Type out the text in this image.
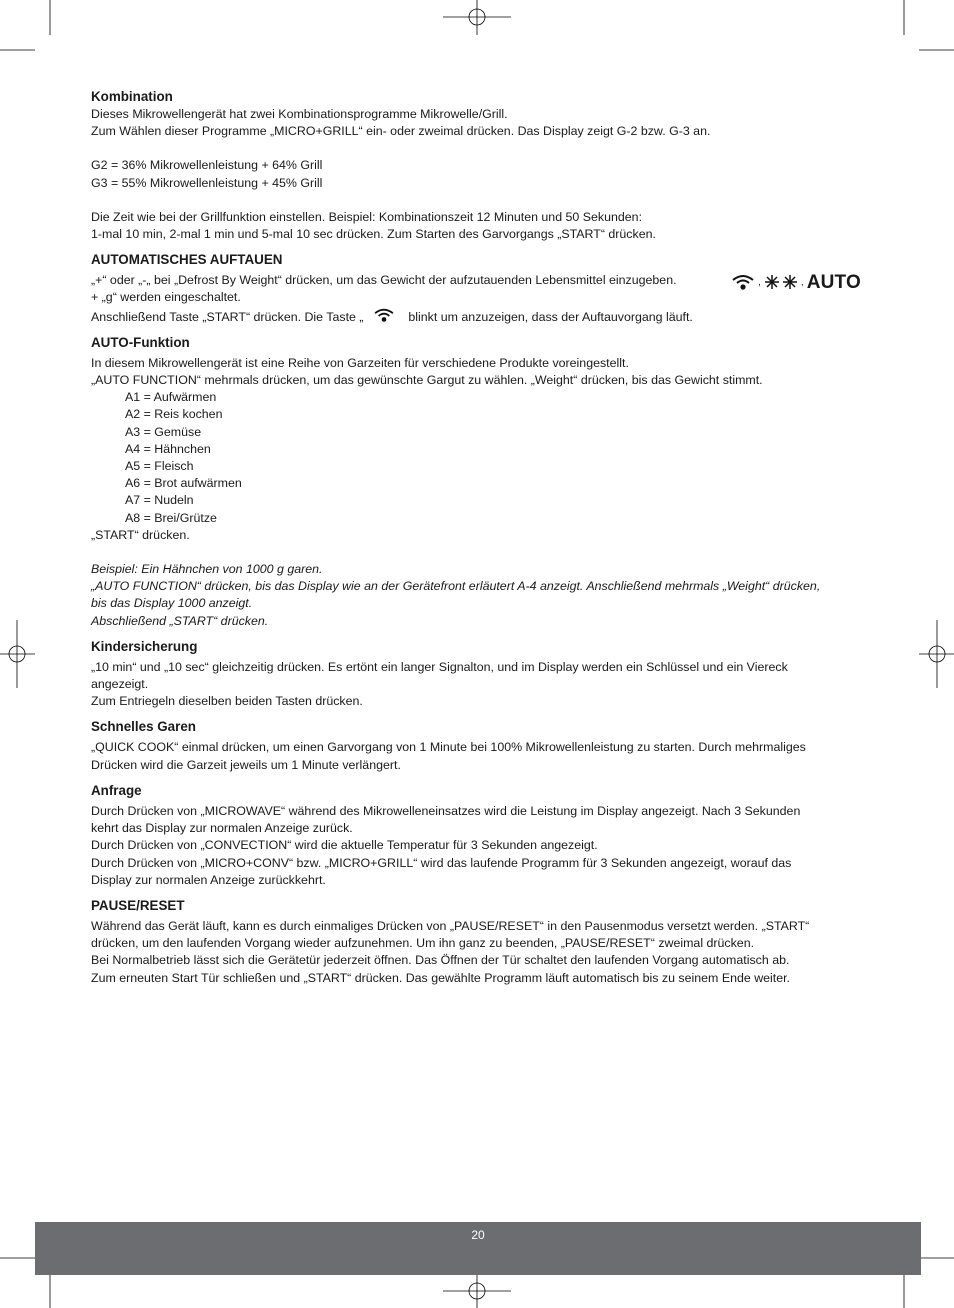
Kombination

Dieses Mikrowellengerät hat zwei Kombinationsprogramme Mikrowelle/Grill.

Zum Wählen dieser Programme „MICRO+GRILL“ ein- oder zweimal drücken. Das Display zeigt G-2 bzw. G-3 an.

G2 = 36% Mikrowellenleistung + 64% Grill

G3 = 55% Mikrowellenleistung + 45% Grill

Die Zeit wie bei der Grillfunktion einstellen. Beispiel: Kombinationszeit 12 Minuten und 50 Sekunden:

1-mal 10 min, 2-mal 1 min und 5-mal 10 sec drücken. Zum Starten des Garvorgangs „START“ drücken.

AUTOMATISCHES AUFTAUEN

„+“ oder „-„ bei „Defrost By Weight“ drücken, um das Gewicht der aufzutauenden Lebensmittel einzugeben.	,	, AUTO

+ „g“ werden eingeschaltet.

Anschließend Taste „START“ drücken. Die Taste „	blinkt um anzuzeigen, dass der Auftauvorgang läuft.

AUTO-Funktion

In diesem Mikrowellengerät ist eine Reihe von Garzeiten für verschiedene Produkte voreingestellt.

„AUTO FUNCTION“ mehrmals drücken, um das gewünschte Gargut zu wählen. „Weight“ drücken, bis das Gewicht stimmt.

A1 = Aufwärmen
A2 = Reis kochen
A3 = Gemüse
A4 = Hähnchen
A5 = Fleisch
A6 = Brot aufwärmen
A7 = Nudeln
A8 = Brei/Grütze

„START“ drücken.

Beispiel: Ein Hähnchen von 1000 g garen.

„AUTO FUNCTION“ drücken, bis das Display wie an der Gerätefront erläutert A-4 anzeigt. Anschließend mehrmals „Weight“ drücken,

bis das Display 1000 anzeigt.

Abschließend „START“ drücken.

Kindersicherung

„10 min“ und „10 sec“ gleichzeitig drücken. Es ertönt ein langer Signalton, und im Display werden ein Schlüssel und ein Viereck

angezeigt.

Zum Entriegeln dieselben beiden Tasten drücken.

Schnelles Garen

„QUICK COOK“ einmal drücken, um einen Garvorgang von 1 Minute bei 100% Mikrowellenleistung zu starten. Durch mehrmaliges

Drücken wird die Garzeit jeweils um 1 Minute verlängert.

Anfrage

Durch Drücken von „MICROWAVE“ während des Mikrowelleneinsatzes wird die Leistung im Display angezeigt. Nach 3 Sekunden

kehrt das Display zur normalen Anzeige zurück.

Durch Drücken von „CONVECTION“ wird die aktuelle Temperatur für 3 Sekunden angezeigt.

Durch Drücken von „MICRO+CONV“ bzw. „MICRO+GRILL“ wird das laufende Programm für 3 Sekunden angezeigt, worauf das

Display zur normalen Anzeige zurückkehrt.

PAUSE/RESET

Während das Gerät läuft, kann es durch einmaliges Drücken von „PAUSE/RESET“ in den Pausenmodus versetzt werden. „START“

drücken, um den laufenden Vorgang wieder aufzunehmen. Um ihn ganz zu beenden, „PAUSE/RESET“ zweimal drücken.

Bei Normalbetrieb lässt sich die Gerätetür jederzeit öffnen. Das Öffnen der Tür schaltet den laufenden Vorgang automatisch ab.

Zum erneuten Start Tür schließen und „START“ drücken. Das gewählte Programm läuft automatisch bis zu seinem Ende weiter.

20
